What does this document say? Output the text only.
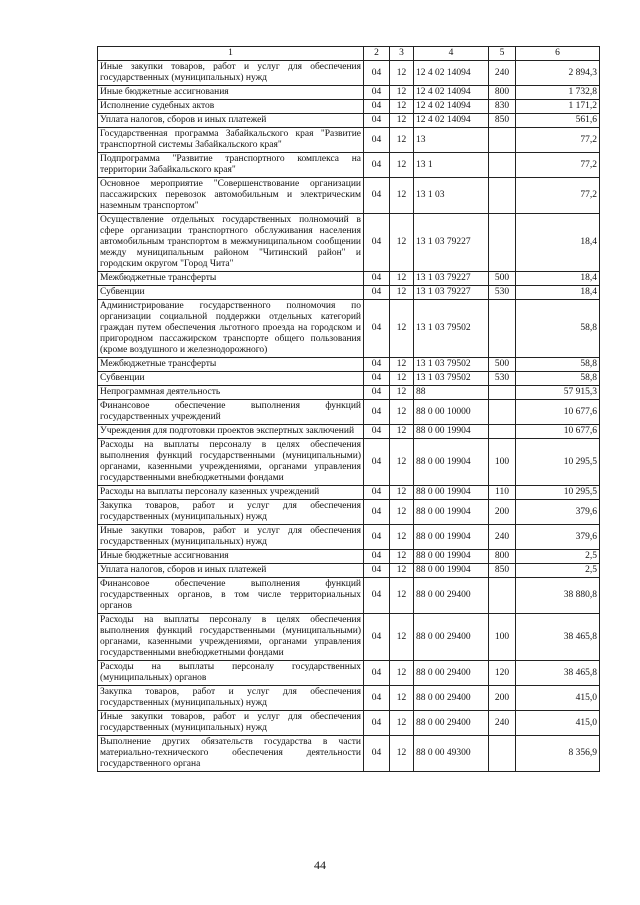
1	2	3	4	5	6
Иные закупки товаров, работ и услуг для обеспечения государственных (муниципальных) нужд	04	12	12 4 02 14094	240	2 894,3
Иные бюджетные ассигнования	04	12	12 4 02 14094	800	1 732,8
Исполнение судебных актов	04	12	12 4 02 14094	830	1 171,2
Уплата налогов, сборов и иных платежей	04	12	12 4 02 14094	850	561,6
Государственная программа Забайкальского края "Развитие транспортной системы Забайкальского края"	04	12	13		77,2
Подпрограмма "Развитие транспортного комплекса на территории Забайкальского края"	04	12	13 1		77,2
Основное мероприятие "Совершенствование организации пассажирских перевозок автомобильным и электрическим наземным транспортом"	04	12	13 1 03		77,2
Осуществление отдельных государственных полномочий в сфере организации транспортного обслуживания населения автомобильным транспортом в межмуниципальном сообщении между муниципальным районом "Читинский район" и городским округом "Город Чита"	04	12	13 1 03 79227		18,4
Межбюджетные трансферты	04	12	13 1 03 79227	500	18,4
Субвенции	04	12	13 1 03 79227	530	18,4
Администрирование государственного полномочия по организации социальной поддержки отдельных категорий граждан путем обеспечения льготного проезда на городском и пригородном пассажирском транспорте общего пользования (кроме воздушного и железнодорожного)	04	12	13 1 03 79502		58,8
Межбюджетные трансферты	04	12	13 1 03 79502	500	58,8
Субвенции	04	12	13 1 03 79502	530	58,8
Непрограммная деятельность	04	12	88		57 915,3
Финансовое обеспечение выполнения функций государственных учреждений	04	12	88 0 00 10000		10 677,6
Учреждения для подготовки проектов экспертных заключений	04	12	88 0 00 19904		10 677,6
Расходы на выплаты персоналу в целях обеспечения выполнения функций государственными (муниципальными) органами, казенными учреждениями, органами управления государственными внебюджетными фондами	04	12	88 0 00 19904	100	10 295,5
Расходы на выплаты персоналу казенных учреждений	04	12	88 0 00 19904	110	10 295,5
Закупка товаров, работ и услуг для обеспечения государственных (муниципальных) нужд	04	12	88 0 00 19904	200	379,6
Иные закупки товаров, работ и услуг для обеспечения государственных (муниципальных) нужд	04	12	88 0 00 19904	240	379,6
Иные бюджетные ассигнования	04	12	88 0 00 19904	800	2,5
Уплата налогов, сборов и иных платежей	04	12	88 0 00 19904	850	2,5
Финансовое обеспечение выполнения функций государственных органов, в том числе территориальных органов	04	12	88 0 00 29400		38 880,8
Расходы на выплаты персоналу в целях обеспечения выполнения функций государственными (муниципальными) органами, казенными учреждениями, органами управления государственными внебюджетными фондами	04	12	88 0 00 29400	100	38 465,8
Расходы на выплаты персоналу государственных (муниципальных) органов	04	12	88 0 00 29400	120	38 465,8
Закупка товаров, работ и услуг для обеспечения государственных (муниципальных) нужд	04	12	88 0 00 29400	200	415,0
Иные закупки товаров, работ и услуг для обеспечения государственных (муниципальных) нужд	04	12	88 0 00 29400	240	415,0
Выполнение других обязательств государства в части материально-технического обеспечения деятельности государственного органа	04	12	88 0 00 49300		8 356,9
44
